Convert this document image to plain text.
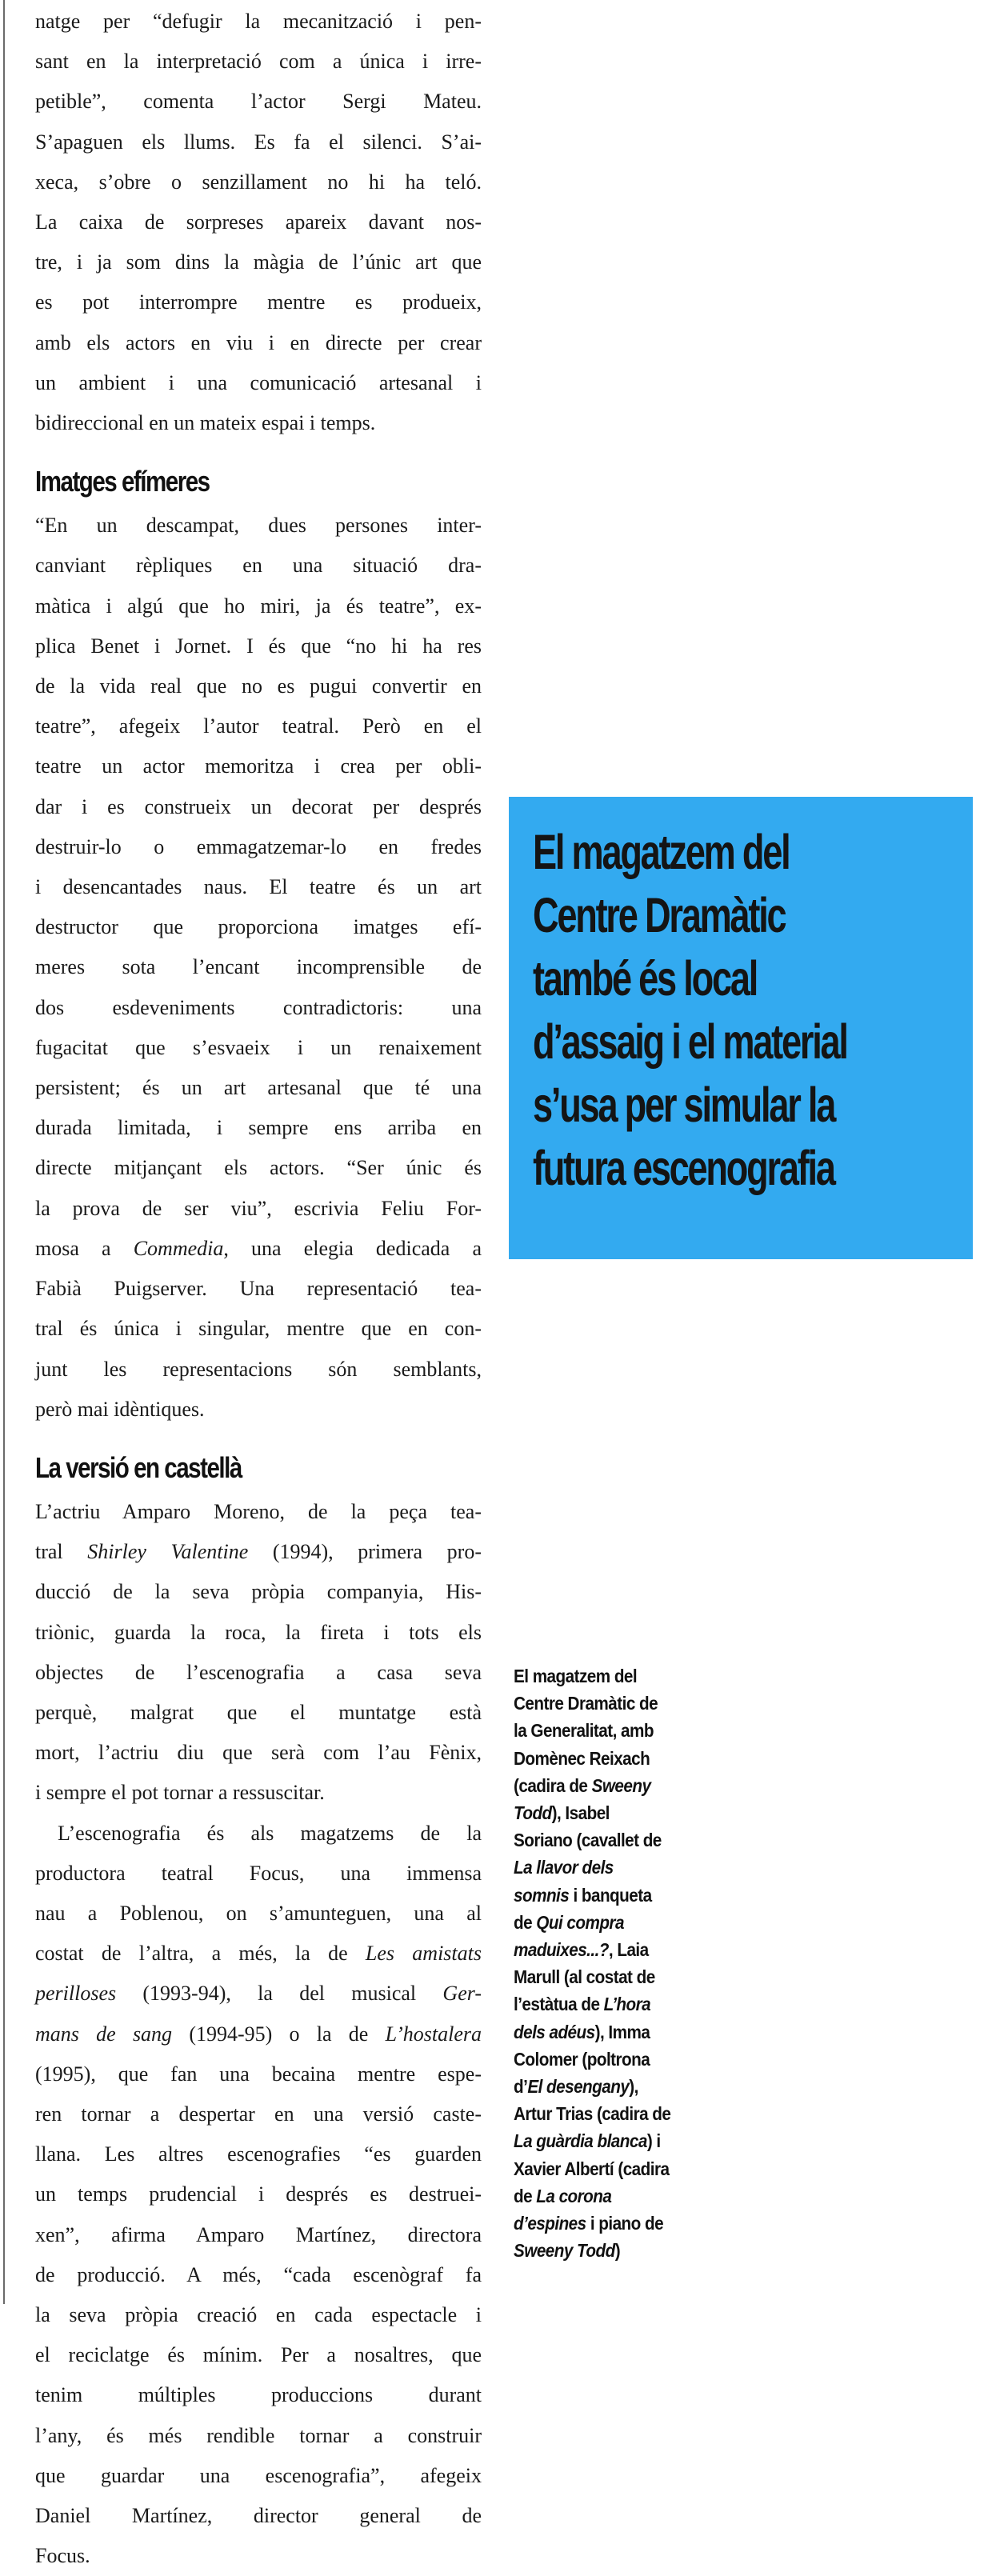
natge per “defugir la mecanització i pen-
sant en la interpretació com a única i irre-
petible”, comenta l’actor Sergi Mateu.
S’apaguen els llums. Es fa el silenci. S’ai-
xeca, s’obre o senzillament no hi ha teló.
La caixa de sorpreses apareix davant nos-
tre, i ja som dins la màgia de l’únic art que
es pot interrompre mentre es produeix,
amb els actors en viu i en directe per crear
un ambient i una comunicació artesanal i
bidireccional en un mateix espai i temps.
Imatges efímeres
“En un descampat, dues persones inter-
canviant rèpliques en una situació dra-
màtica i algú que ho miri, ja és teatre”, ex-
plica Benet i Jornet. I és que “no hi ha res
de la vida real que no es pugui convertir en
teatre”, afegeix l’autor teatral. Però en el
teatre un actor memoritza i crea per obli-
dar i es construeix un decorat per després
destruir-lo o emmagatzemar-lo en fredes
i desencantades naus. El teatre és un art
destructor que proporciona imatges efí-
meres sota l’encant incomprensible de
dos esdeveniments contradictoris: una
fugacitat que s’esvaeix i un renaixement
persistent; és un art artesanal que té una
durada limitada, i sempre ens arriba en
directe mitjançant els actors. “Ser únic és
la prova de ser viu”, escrivia Feliu For-
mosa a Commedia, una elegia dedicada a
Fabià Puigserver. Una representació tea-
tral és única i singular, mentre que en con-
junt les representacions són semblants,
però mai idèntiques.
La versió en castellà
L’actriu Amparo Moreno, de la peça tea-
tral Shirley Valentine (1994), primera pro-
ducció de la seva pròpia companyia, His-
triònic, guarda la roca, la fireta i tots els
objectes de l’escenografia a casa seva
perquè, malgrat que el muntatge està
mort, l’actriu diu que serà com l’au Fènix,
i sempre el pot tornar a ressuscitar.
L’escenografia és als magatzems de la
productora teatral Focus, una immensa
nau a Poblenou, on s’amunteguen, una al
costat de l’altra, a més, la de Les amistats
perilloses (1993-94), la del musical Ger-
mans de sang (1994-95) o la de L’hostalera
(1995), que fan una becaina mentre espe-
ren tornar a despertar en una versió caste-
llana. Les altres escenografies “es guarden
un temps prudencial i després es destruei-
xen”, afirma Amparo Martínez, directora
de producció. A més, “cada escenògraf fa
la seva pròpia creació en cada espectacle i
el reciclatge és mínim. Per a nosaltres, que
tenim múltiples produccions durant
l’any, és més rendible tornar a construir
que guardar una escenografia”, afegeix
Daniel Martínez, director general de
Focus.
El magatzem del
Centre Dramàtic
també és local
d’assaig i el material
s’usa per simular la
futura escenografia
El magatzem del
Centre Dramàtic de
la Generalitat, amb
Domènec Reixach
(cadira de Sweeny
Todd), Isabel
Soriano (cavallet de
La llavor dels
somnis i banqueta
de Qui compra
maduixes...?, Laia
Marull (al costat de
l’estàtua de L’hora
dels adéus), Imma
Colomer (poltrona
d’El desengany),
Artur Trias (cadira de
La guàrdia blanca) i
Xavier Albertí (cadira
de La corona
d’espines i piano de
Sweeny Todd)
